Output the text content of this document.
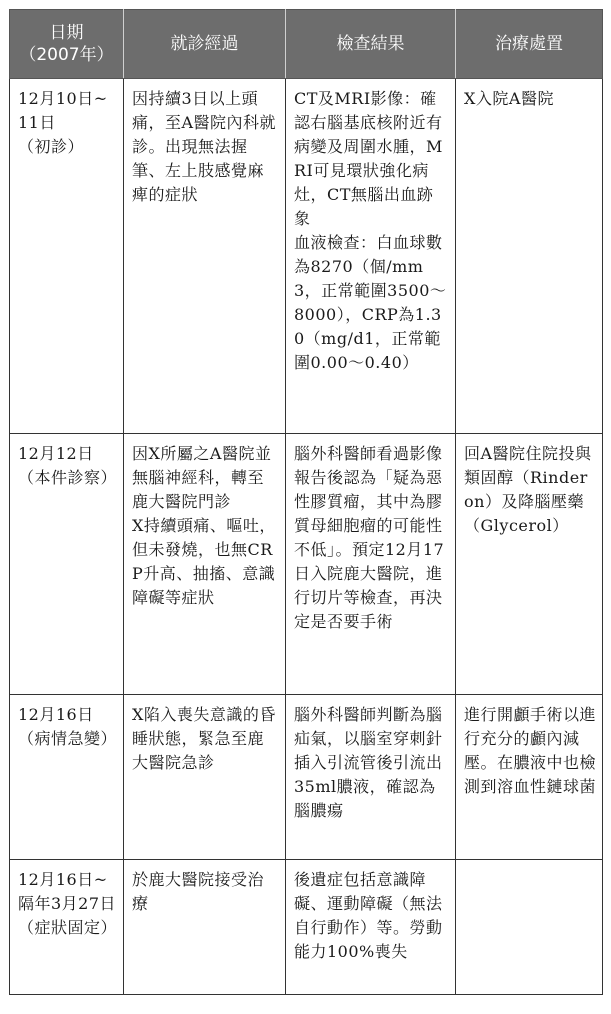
日期
（2007年）	就診經過	檢查結果	治療處置
12月10日~
11日
（初診）	因持續3日以上頭痛，至A醫院內科就診。出現無法握筆、左上肢感覺麻痺的症狀	CT及MRI影像：確認右腦基底核附近有病變及周圍水腫，MRI可見環狀強化病灶，CT無腦出血跡象
血液檢查：白血球數為8270（個/mm3，正常範圍3500～8000），CRP為1.30（mg/d1，正常範圍0.00～0.40）	X入院A醫院
12月12日
（本件診察）	因X所屬之A醫院並無腦神經科，轉至鹿大醫院門診
X持續頭痛、嘔吐，但未發燒，也無CRP升高、抽搐、意識障礙等症狀	腦外科醫師看過影像報告後認為「疑為惡性膠質瘤，其中為膠質母細胞瘤的可能性不低」。預定12月17日入院鹿大醫院，進行切片等檢查，再決定是否要手術	回A醫院住院投與類固醇（Rinderon）及降腦壓藥（Glycerol）
12月16日
（病情急變）	X陷入喪失意識的昏睡狀態，緊急至鹿大醫院急診	腦外科醫師判斷為腦疝氣，以腦室穿刺針插入引流管後引流出35ml膿液，確認為腦膿瘍	進行開顱手術以進行充分的顱內減壓。在膿液中也檢測到溶血性鏈球菌
12月16日~
隔年3月27日
（症狀固定）	於鹿大醫院接受治療	後遺症包括意識障礙、運動障礙（無法自行動作）等。勞動能力100%喪失	
